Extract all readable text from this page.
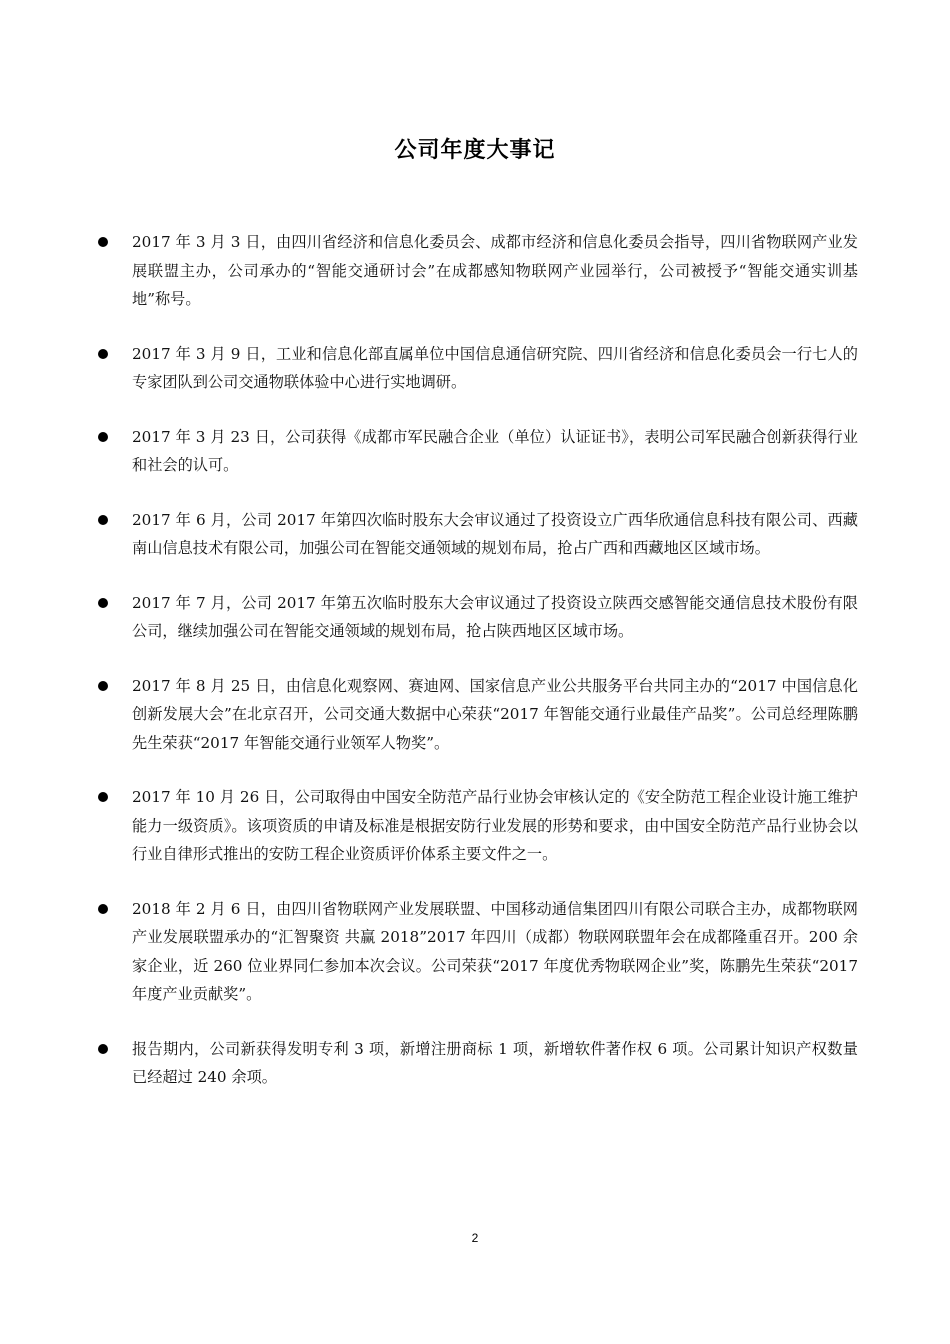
公司年度大事记
2017 年 3 月 3 日，由四川省经济和信息化委员会、成都市经济和信息化委员会指导，四川省物联网产业发展联盟主办，公司承办的“智能交通研讨会”在成都感知物联网产业园举行，公司被授予“智能交通实训基地”称号。
2017 年 3 月 9 日，工业和信息化部直属单位中国信息通信研究院、四川省经济和信息化委员会一行七人的专家团队到公司交通物联体验中心进行实地调研。
2017 年 3 月 23 日，公司获得《成都市军民融合企业（单位）认证证书》，表明公司军民融合创新获得行业和社会的认可。
2017 年 6 月，公司 2017 年第四次临时股东大会审议通过了投资设立广西华欣通信息科技有限公司、西藏南山信息技术有限公司，加强公司在智能交通领域的规划布局，抢占广西和西藏地区区域市场。
2017 年 7 月，公司 2017 年第五次临时股东大会审议通过了投资设立陕西交感智能交通信息技术股份有限公司，继续加强公司在智能交通领域的规划布局，抢占陕西地区区域市场。
2017 年 8 月 25 日，由信息化观察网、赛迪网、国家信息产业公共服务平台共同主办的“2017 中国信息化创新发展大会”在北京召开，公司交通大数据中心荣获“2017 年智能交通行业最佳产品奖”。公司总经理陈鹏先生荣获“2017 年智能交通行业领军人物奖”。
2017 年 10 月 26 日，公司取得由中国安全防范产品行业协会审核认定的《安全防范工程企业设计施工维护能力一级资质》。该项资质的申请及标准是根据安防行业发展的形势和要求，由中国安全防范产品行业协会以行业自律形式推出的安防工程企业资质评价体系主要文件之一。
2018 年 2 月 6 日，由四川省物联网产业发展联盟、中国移动通信集团四川有限公司联合主办，成都物联网产业发展联盟承办的“汇智聚资 共赢 2018”2017 年四川（成都）物联网联盟年会在成都隆重召开。200 余家企业，近 260 位业界同仁参加本次会议。公司荣获“2017 年度优秀物联网企业”奖，陈鹏先生荣获“2017 年度产业贡献奖”。
报告期内，公司新获得发明专利 3 项，新增注册商标 1 项，新增软件著作权 6 项。公司累计知识产权数量已经超过 240 余项。
2
